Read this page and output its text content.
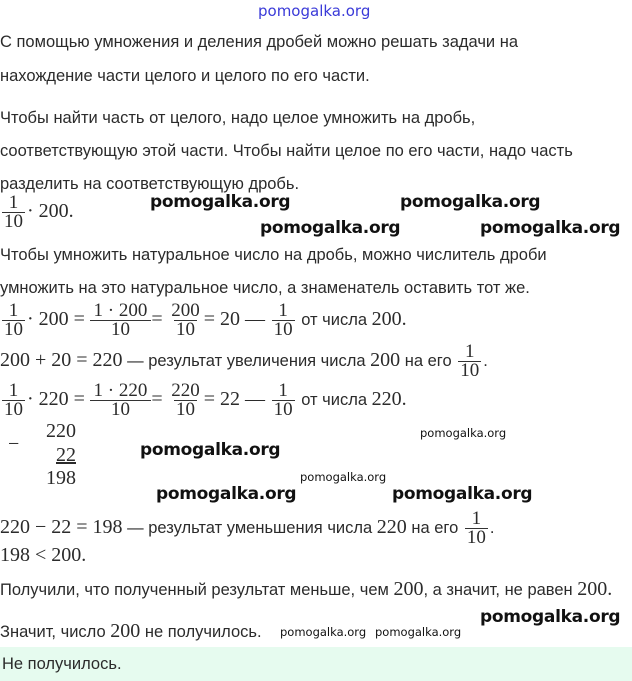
pomogalka.org
С помощью умножения и деления дробей можно решать задачи на
нахождение части целого и целого по его части.
Чтобы найти часть от целого, надо целое умножить на дробь,
соответствующую этой части. Чтобы найти целое по его части, надо часть
разделить на соответствующую дробь.
$\frac{1}{10} \cdot 200$.
Чтобы умножить натуральное число на дробь, можно числитель дроби
умножить на это натуральное число, а знаменатель оставить тот же.
$\frac{1}{10} \cdot 200 = \frac{1 \cdot 200}{10} = \frac{200}{10} = 20$ — $\frac{1}{10}$ от числа 200.
200 + 20 = 220 — результат увеличения числа 200 на его $\frac{1}{10}$ .
$\frac{1}{10} \cdot 220 = \frac{1 \cdot 220}{10} = \frac{220}{10} = 22$ — $\frac{1}{10}$ от числа 220.
−
220
22
198
220 − 22 = 198 — результат уменьшения числа 220 на его $\frac{1}{10}$ .
198 < 200.
Получили, что полученный результат меньше, чем 200, а значит, не равен 200.
Значит, число 200 не получилось.
Не получилось.
pomogalka.org	pomogalka.org
pomogalka.org	pomogalka.org
pomogalka.org
pomogalka.org
pomogalka.org
pomogalka.org	pomogalka.org
pomogalka.org pomogalka.org
pomogalka.org
